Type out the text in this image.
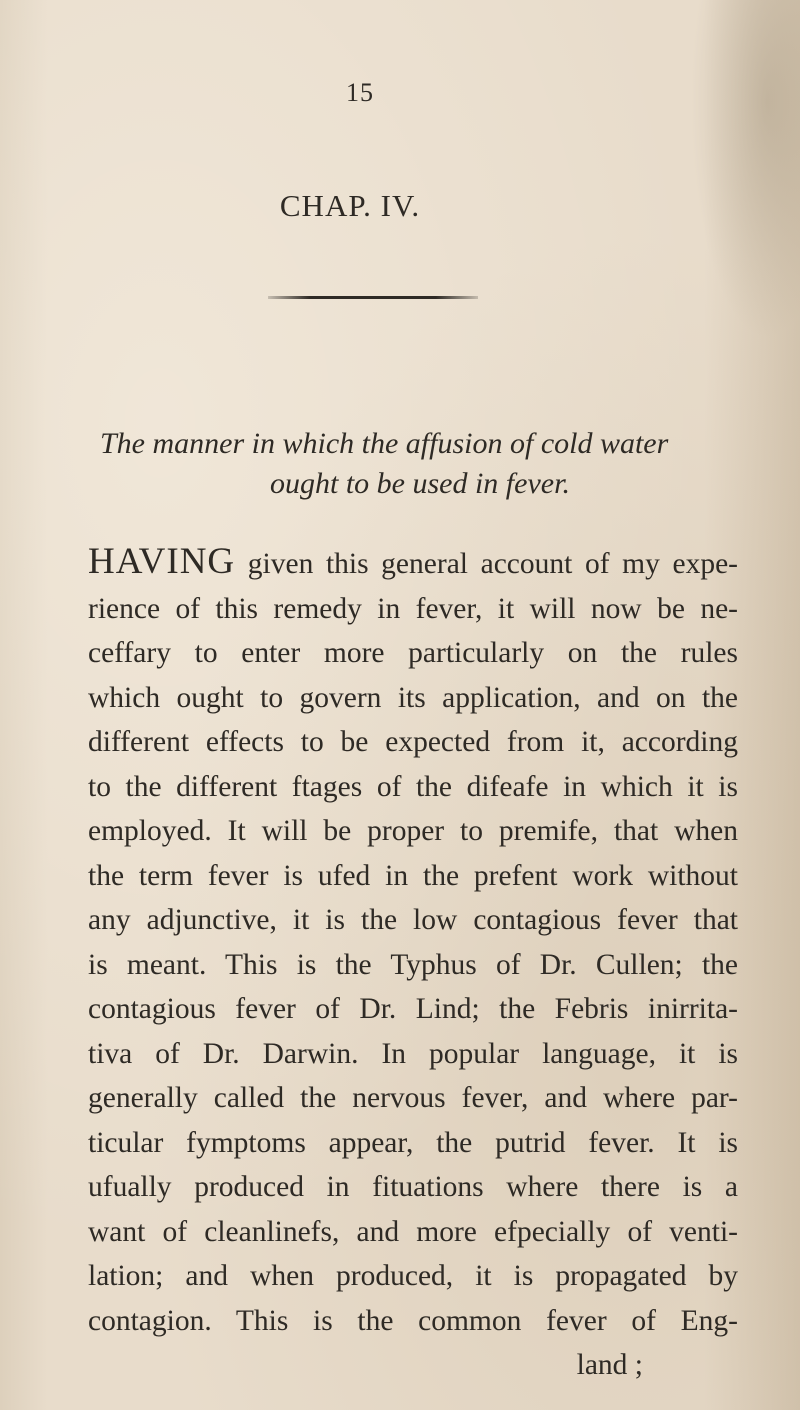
15
CHAP. IV.
The manner in which the affusion of cold water
ought to be used in fever.
HAVING given this general account of my expe-
rience of this remedy in fever, it will now be ne-
ceffary to enter more particularly on the rules
which ought to govern its application, and on the
different effects to be expected from it, according
to the different ftages of the difeafe in which it is
employed. It will be proper to premife, that when
the term fever is ufed in the prefent work without
any adjunctive, it is the low contagious fever that
is meant. This is the Typhus of Dr. Cullen; the
contagious fever of Dr. Lind; the Febris inirrita-
tiva of Dr. Darwin. In popular language, it is
generally called the nervous fever, and where par-
ticular fymptoms appear, the putrid fever. It is
ufually produced in fituations where there is a
want of cleanlinefs, and more efpecially of venti-
lation; and when produced, it is propagated by
contagion. This is the common fever of Eng-
land ;
